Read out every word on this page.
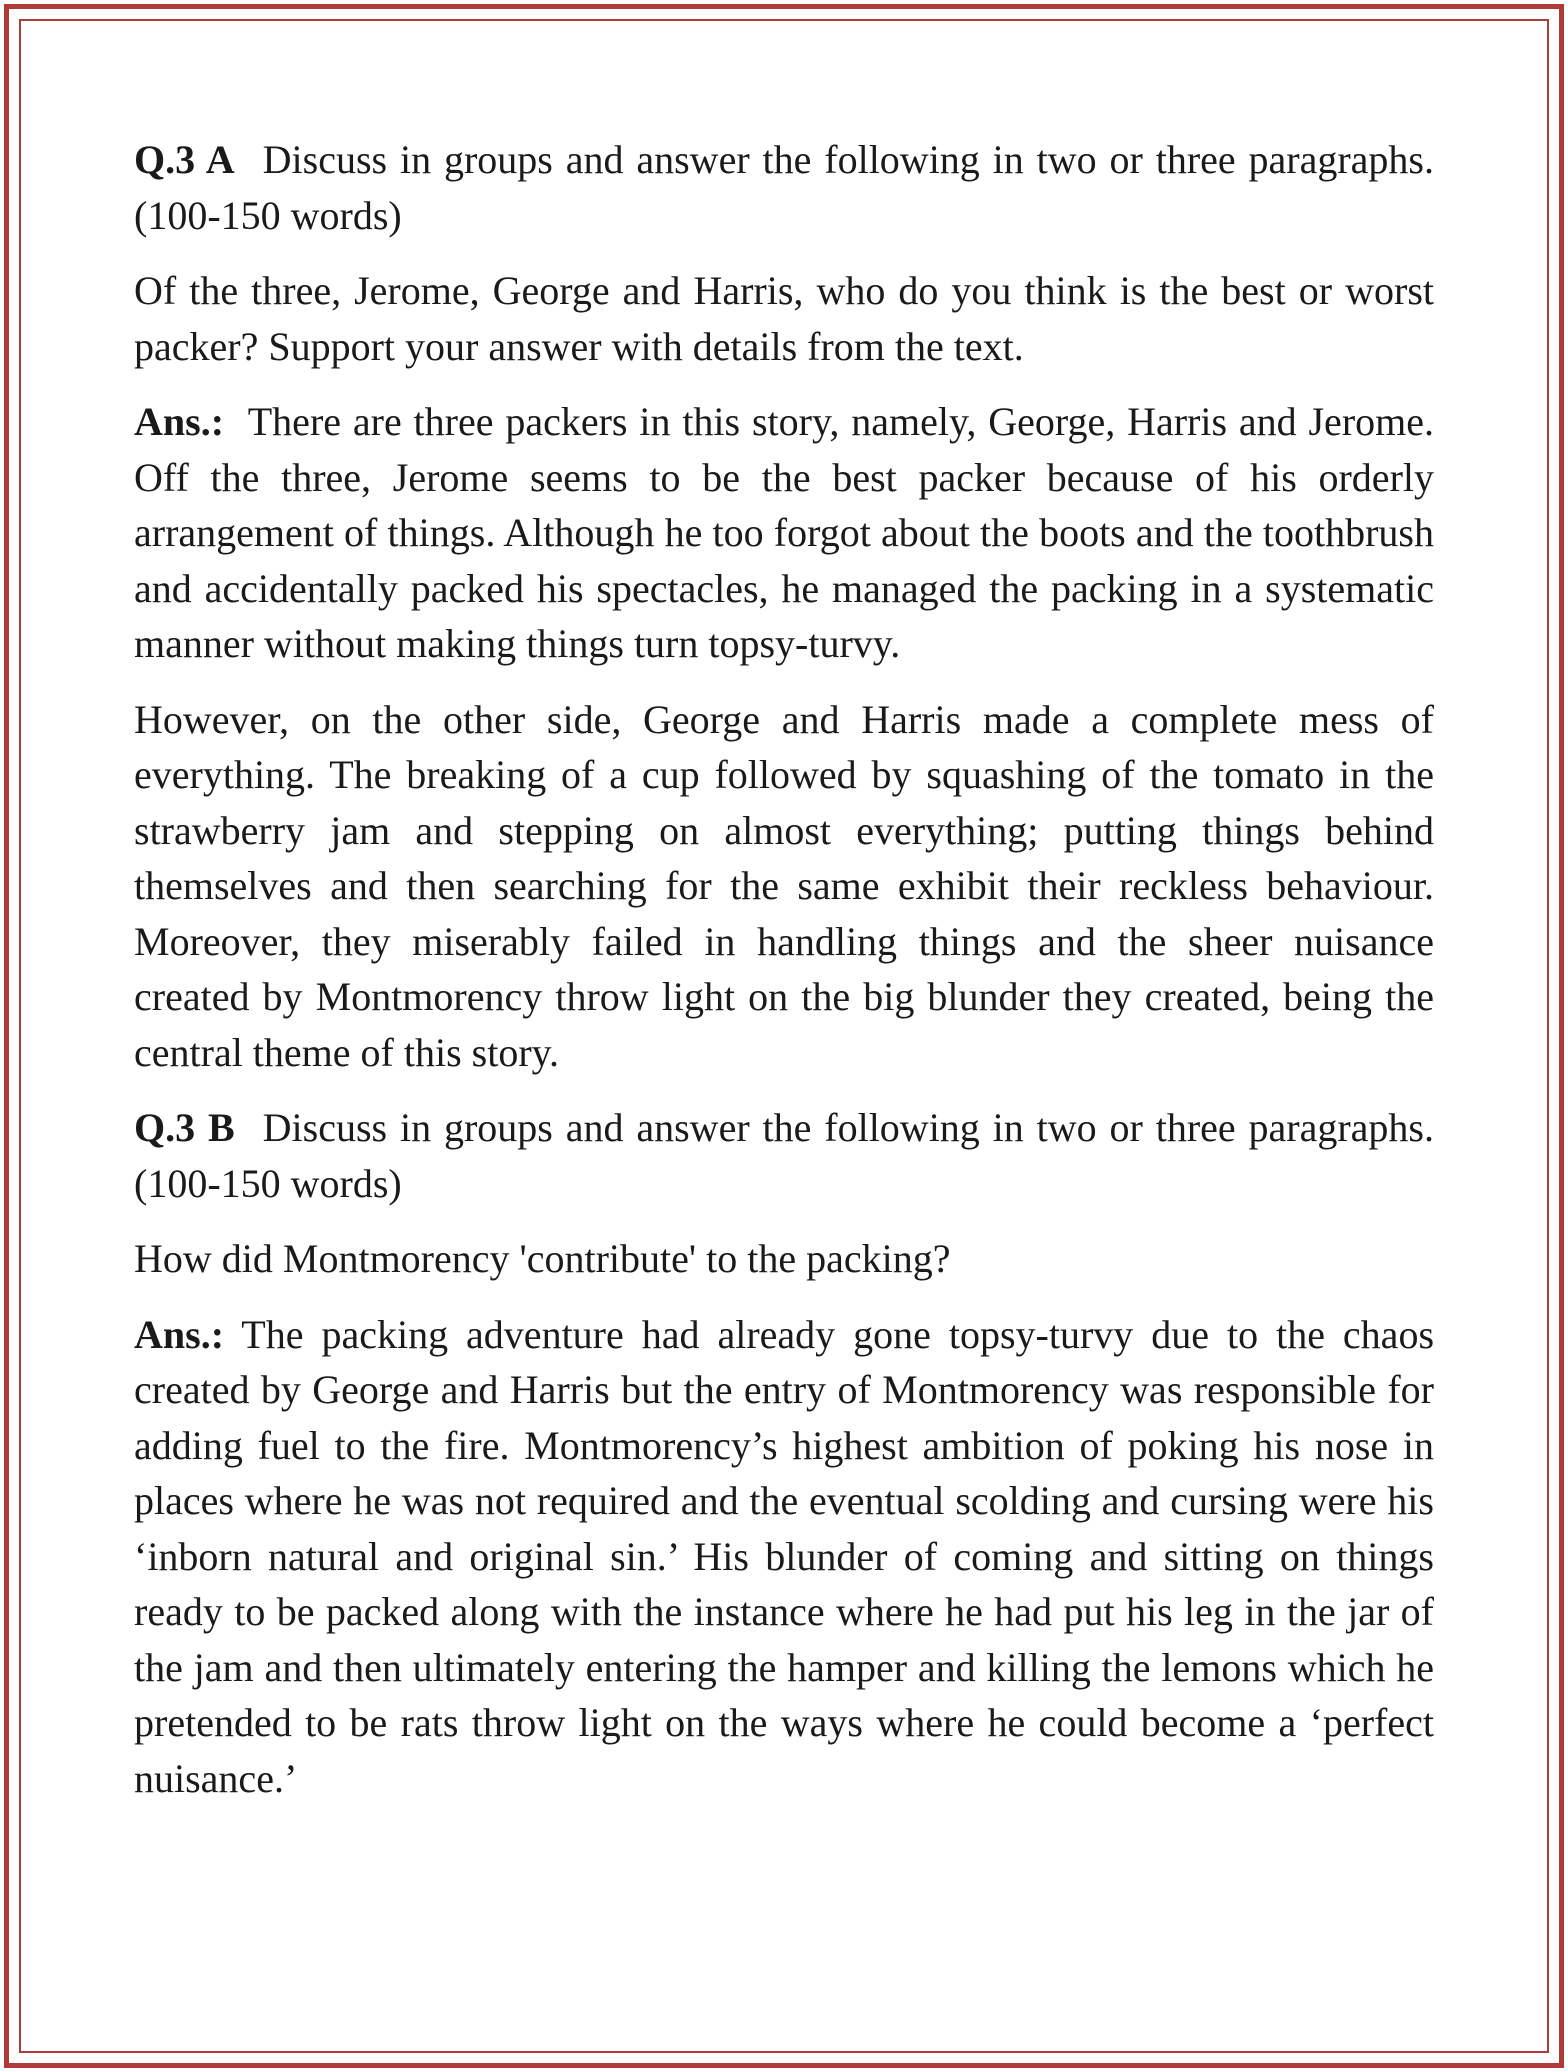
Q.3 A Discuss in groups and answer the following in two or three paragraphs. (100-150 words)

Of the three, Jerome, George and Harris, who do you think is the best or worst packer? Support your answer with details from the text.

Ans.: There are three packers in this story, namely, George, Harris and Jerome. Off the three, Jerome seems to be the best packer because of his orderly arrangement of things. Although he too forgot about the boots and the toothbrush and accidentally packed his spectacles, he managed the packing in a systematic manner without making things turn topsy-turvy.

However, on the other side, George and Harris made a complete mess of everything. The breaking of a cup followed by squashing of the tomato in the strawberry jam and stepping on almost everything; putting things behind themselves and then searching for the same exhibit their reckless behaviour. Moreover, they miserably failed in handling things and the sheer nuisance created by Montmorency throw light on the big blunder they created, being the central theme of this story.

Q.3 B Discuss in groups and answer the following in two or three paragraphs. (100-150 words)

How did Montmorency 'contribute' to the packing?

Ans.: The packing adventure had already gone topsy-turvy due to the chaos created by George and Harris but the entry of Montmorency was responsible for adding fuel to the fire. Montmorency’s highest ambition of poking his nose in places where he was not required and the eventual scolding and cursing were his ‘inborn natural and original sin.’ His blunder of coming and sitting on things ready to be packed along with the instance where he had put his leg in the jar of the jam and then ultimately entering the hamper and killing the lemons which he pretended to be rats throw light on the ways where he could become a ‘perfect nuisance.’
